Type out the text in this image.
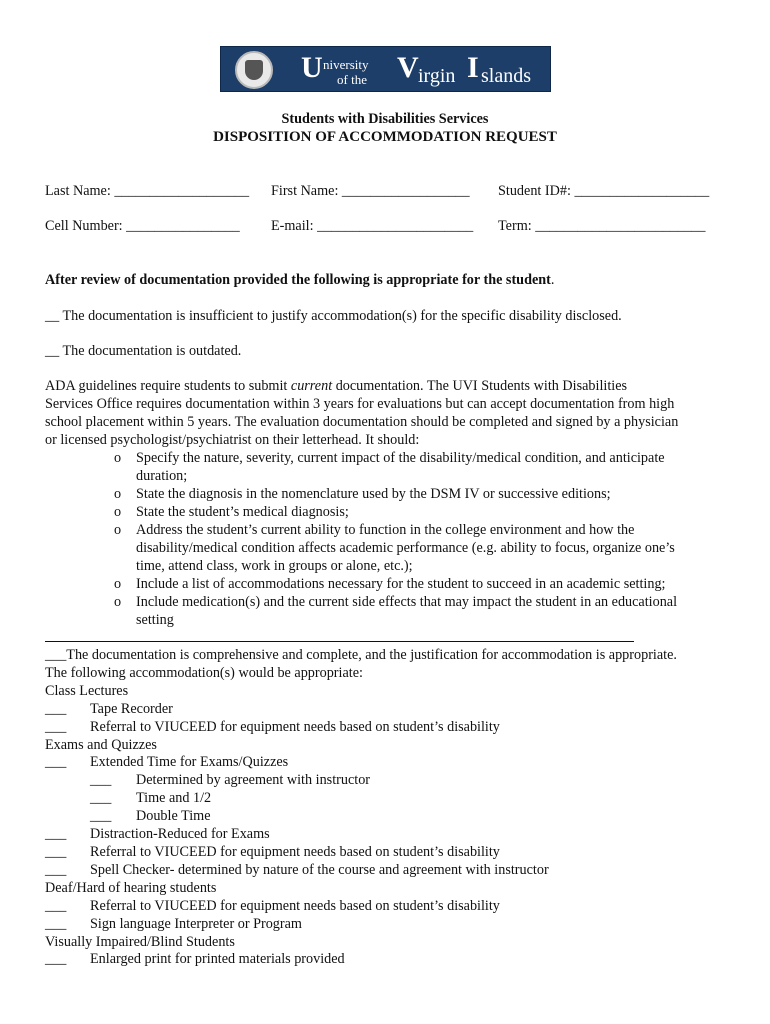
U niversity
of the V irgin I slands
Students with Disabilities Services
DISPOSITION OF ACCOMMODATION REQUEST
Last Name: ___________________ First Name: __________________ Student ID#: ___________________
Cell Number: ________________ E-mail: ______________________ Term: ________________________
After review of documentation provided the following is appropriate for the student.
__ The documentation is insufficient to justify accommodation(s) for the specific disability disclosed.
__ The documentation is outdated.
ADA guidelines require students to submit current documentation. The UVI Students with Disabilities
Services Office requires documentation within 3 years for evaluations but can accept documentation from high
school placement within 5 years. The evaluation documentation should be completed and signed by a physician
or licensed psychologist/psychiatrist on their letterhead. It should:
o Specify the nature, severity, current impact of the disability/medical condition, and anticipate
duration;
o State the diagnosis in the nomenclature used by the DSM IV or successive editions;
o State the student’s medical diagnosis;
o Address the student’s current ability to function in the college environment and how the
disability/medical condition affects academic performance (e.g. ability to focus, organize one’s
time, attend class, work in groups or alone, etc.);
o Include a list of accommodations necessary for the student to succeed in an academic setting;
o Include medication(s) and the current side effects that may impact the student in an educational
setting
___The documentation is comprehensive and complete, and the justification for accommodation is appropriate.
The following accommodation(s) would be appropriate:
Class Lectures
___ Tape Recorder
___ Referral to VIUCEED for equipment needs based on student’s disability
Exams and Quizzes
___ Extended Time for Exams/Quizzes
___ Determined by agreement with instructor
___ Time and 1/2
___ Double Time
___ Distraction-Reduced for Exams
___ Referral to VIUCEED for equipment needs based on student’s disability
___ Spell Checker- determined by nature of the course and agreement with instructor
Deaf/Hard of hearing students
___ Referral to VIUCEED for equipment needs based on student’s disability
___ Sign language Interpreter or Program
Visually Impaired/Blind Students
___ Enlarged print for printed materials provided
